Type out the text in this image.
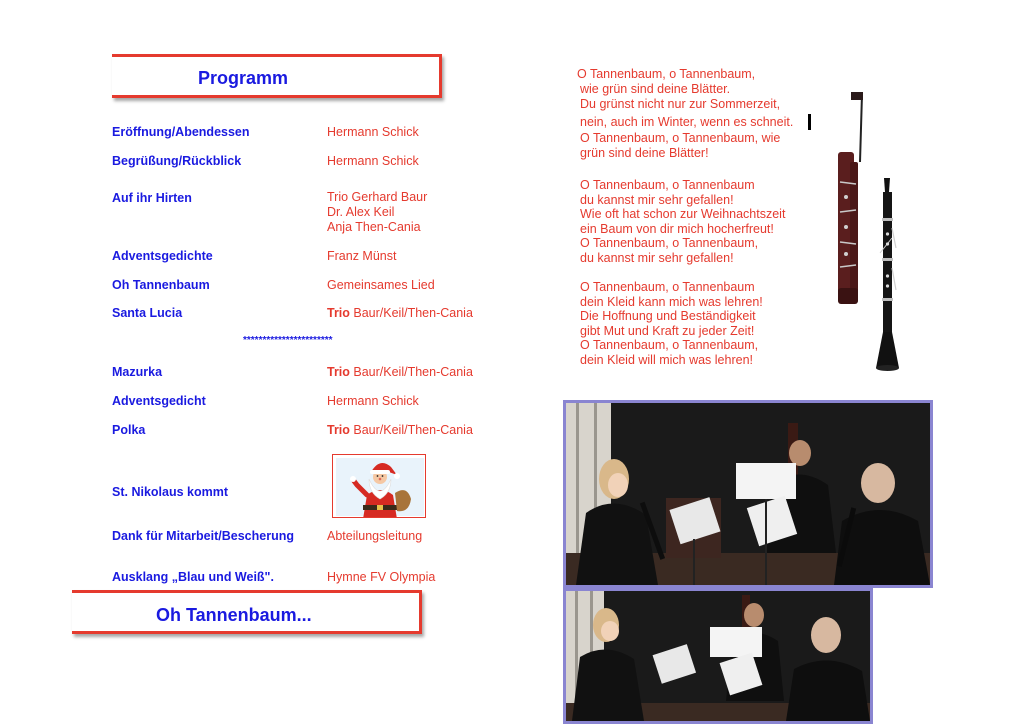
Programm
Eröffnung/Abendessen	Hermann Schick
Begrüßung/Rückblick	Hermann Schick
Auf ihr Hirten	Trio Gerhard Baur
Dr. Alex Keil
Anja Then-Cania
Adventsgedichte	Franz Münst
Oh Tannenbaum	Gemeinsames Lied
Santa Lucia	Trio Baur/Keil/Then-Cania
***********************
Mazurka	Trio Baur/Keil/Then-Cania
Adventsgedicht	Hermann Schick
Polka	Trio Baur/Keil/Then-Cania
St. Nikolaus kommt
Dank für Mitarbeit/Bescherung	Abteilungsleitung
Ausklang „Blau und Weiß".	Hymne FV Olympia
Oh Tannenbaum...
O Tannenbaum, o Tannenbaum,
wie grün sind deine Blätter.
Du grünst nicht nur zur Sommerzeit,
nein, auch im Winter, wenn es schneit.
O Tannenbaum, o Tannenbaum, wie
grün sind deine Blätter!
O Tannenbaum, o Tannenbaum
du kannst mir sehr gefallen!
Wie oft hat schon zur Weihnachtszeit
ein Baum von dir mich hocherfreut!
O Tannenbaum, o Tannenbaum,
du kannst mir sehr gefallen!
O Tannenbaum, o Tannenbaum
dein Kleid kann mich was lehren!
Die Hoffnung und Beständigkeit
gibt Mut und Kraft zu jeder Zeit!
O Tannenbaum, o Tannenbaum,
dein Kleid will mich was lehren!
